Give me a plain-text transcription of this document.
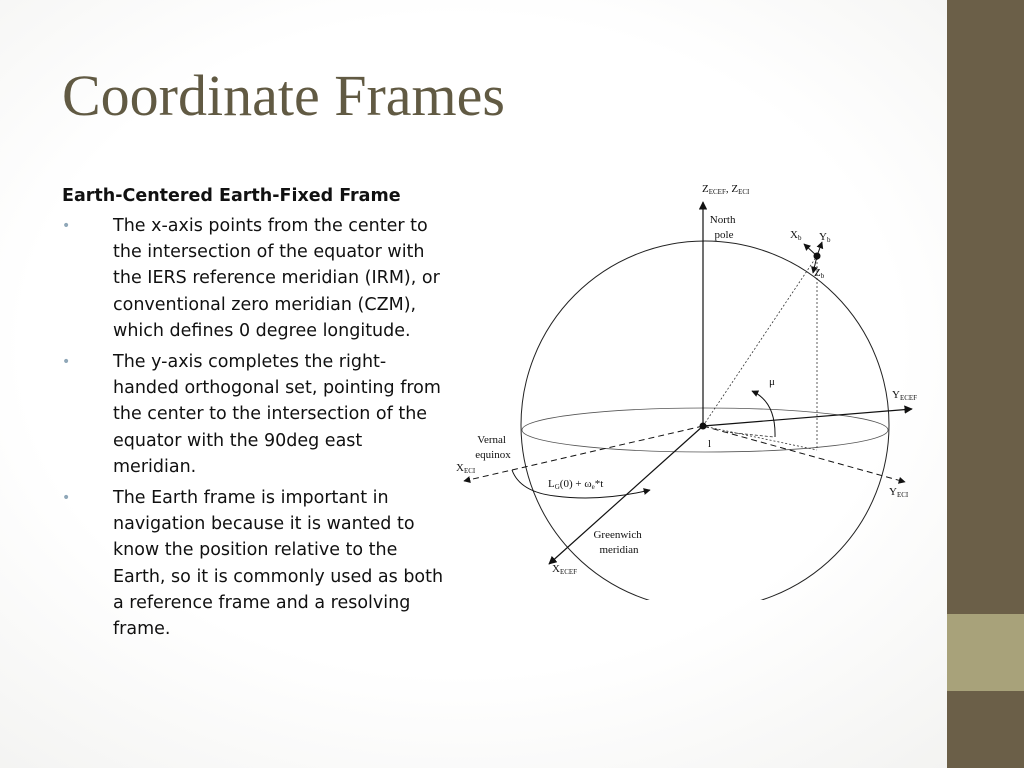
Coordinate Frames
Earth-Centered Earth-Fixed Frame
• The x-axis points from the center to the intersection of the equator with the IERS reference meridian (IRM), or conventional zero meridian (CZM), which defines 0 degree longitude.
• The y-axis completes the right-handed orthogonal set, pointing from the center to the intersection of the equator with the 90deg east meridian.
• The Earth frame is important in navigation because it is wanted to know the position relative to the Earth, so it is commonly used as both a reference frame and a resolving frame.
ZECEF, ZECI
North pole	Xb Yb
Zb
μ
l
YECEF
YECI
Vernal equinox
XECI
LG(0) + ωe*t
Greenwich meridian
XECEF
